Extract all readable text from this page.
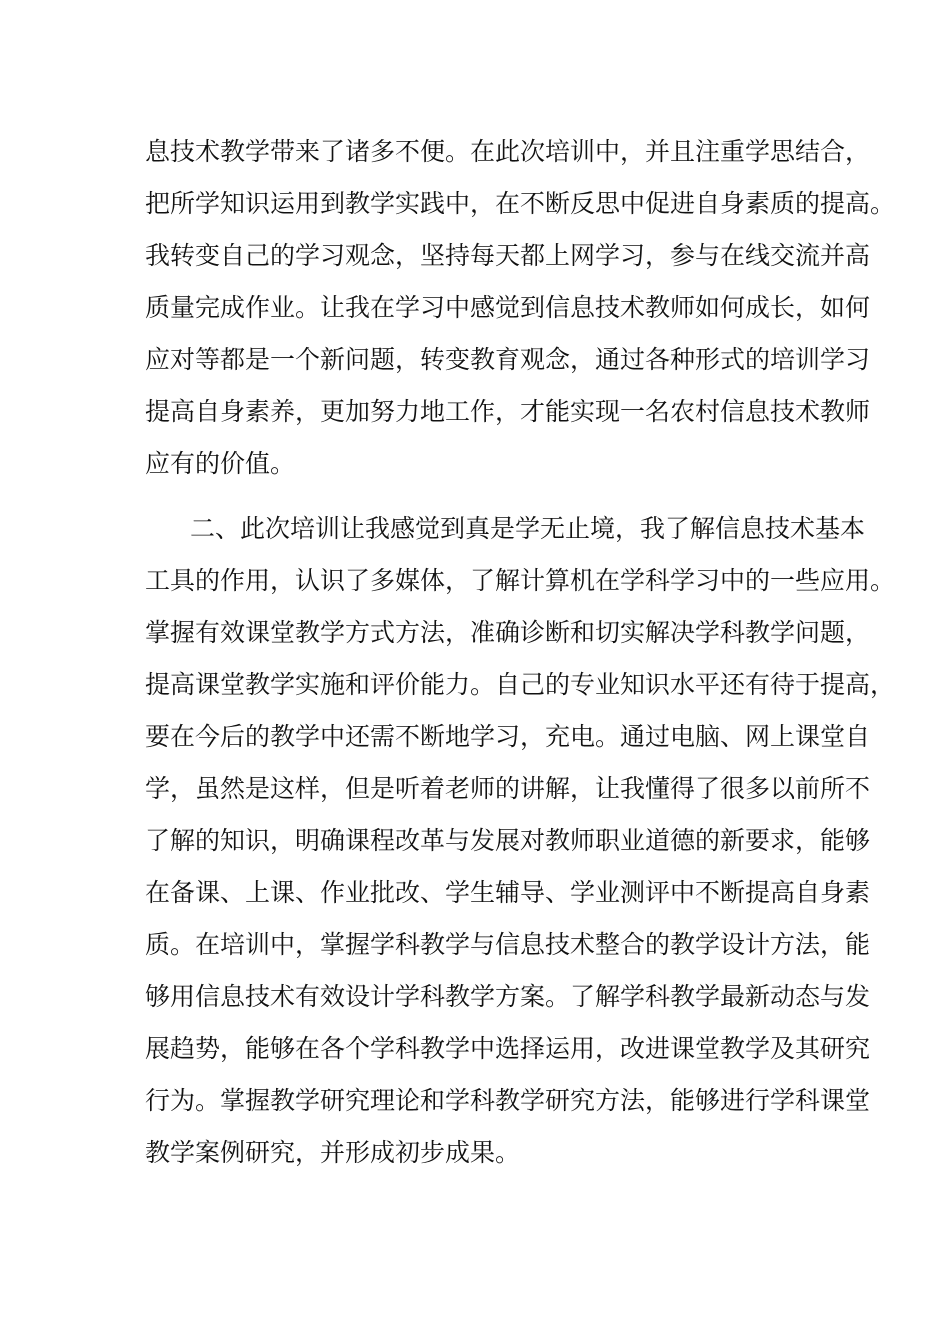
息技术教学带来了诸多不便。在此次培训中，并且注重学思结合，
把所学知识运用到教学实践中，在不断反思中促进自身素质的提高。
我转变自己的学习观念，坚持每天都上网学习，参与在线交流并高
质量完成作业。让我在学习中感觉到信息技术教师如何成长，如何
应对等都是一个新问题，转变教育观念，通过各种形式的培训学习
提高自身素养，更加努力地工作，才能实现一名农村信息技术教师
应有的价值。
二、此次培训让我感觉到真是学无止境，我了解信息技术基本
工具的作用，认识了多媒体，了解计算机在学科学习中的一些应用。
掌握有效课堂教学方式方法，准确诊断和切实解决学科教学问题，
提高课堂教学实施和评价能力。自己的专业知识水平还有待于提高，
要在今后的教学中还需不断地学习，充电。通过电脑、网上课堂自
学，虽然是这样，但是听着老师的讲解，让我懂得了很多以前所不
了解的知识，明确课程改革与发展对教师职业道德的新要求，能够
在备课、上课、作业批改、学生辅导、学业测评中不断提高自身素
质。在培训中，掌握学科教学与信息技术整合的教学设计方法，能
够用信息技术有效设计学科教学方案。了解学科教学最新动态与发
展趋势，能够在各个学科教学中选择运用，改进课堂教学及其研究
行为。掌握教学研究理论和学科教学研究方法，能够进行学科课堂
教学案例研究，并形成初步成果。
